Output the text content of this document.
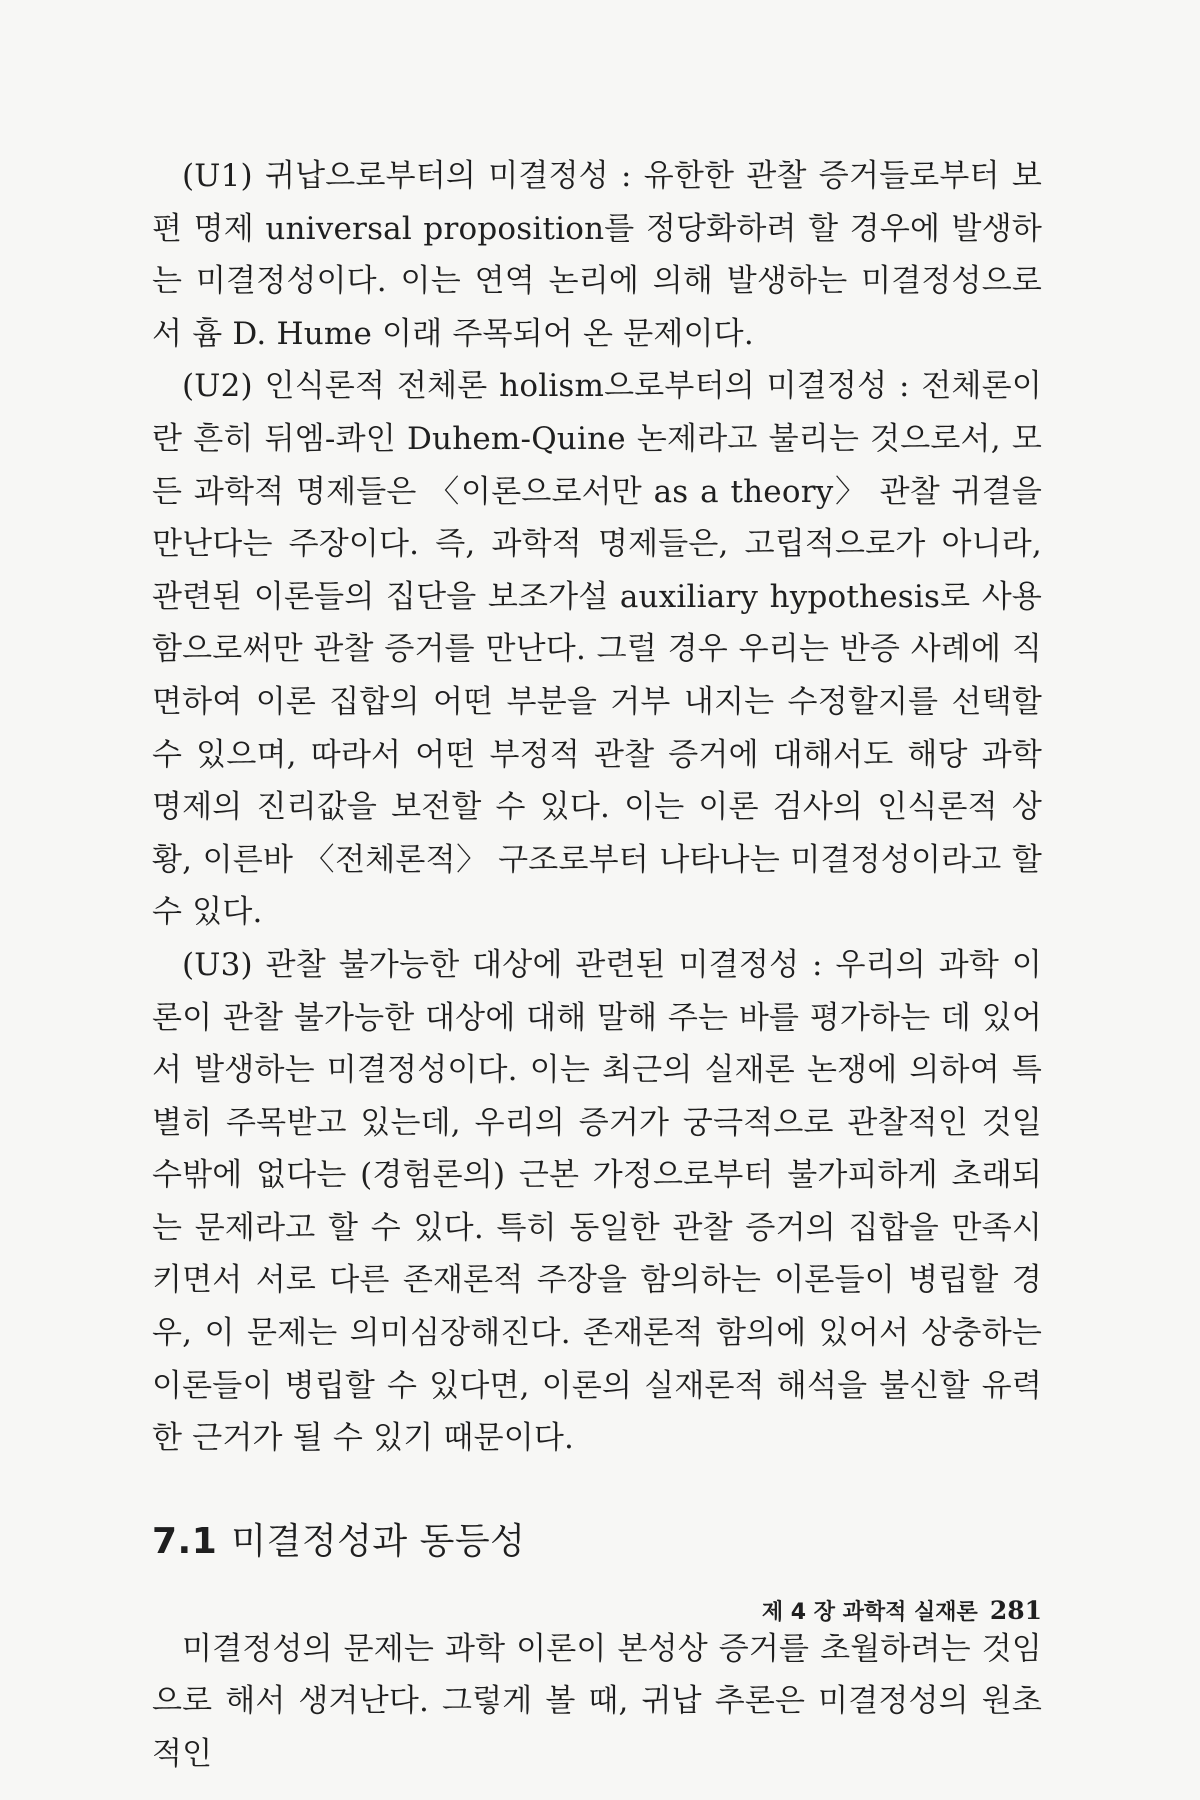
(U1) 귀납으로부터의 미결정성 : 유한한 관찰 증거들로부터 보편 명제 universal proposition를 정당화하려 할 경우에 발생하는 미결정성이다. 이는 연역 논리에 의해 발생하는 미결정성으로서 흄 D. Hume 이래 주목되어 온 문제이다.

(U2) 인식론적 전체론 holism으로부터의 미결정성 : 전체론이란 흔히 뒤엠-콰인 Duhem-Quine 논제라고 불리는 것으로서, 모든 과학적 명제들은 〈이론으로서만 as a theory〉 관찰 귀결을 만난다는 주장이다. 즉, 과학적 명제들은, 고립적으로가 아니라, 관련된 이론들의 집단을 보조가설 auxiliary hypothesis로 사용함으로써만 관찰 증거를 만난다. 그럴 경우 우리는 반증 사례에 직면하여 이론 집합의 어떤 부분을 거부 내지는 수정할지를 선택할 수 있으며, 따라서 어떤 부정적 관찰 증거에 대해서도 해당 과학 명제의 진리값을 보전할 수 있다. 이는 이론 검사의 인식론적 상황, 이른바 〈전체론적〉 구조로부터 나타나는 미결정성이라고 할 수 있다.

(U3) 관찰 불가능한 대상에 관련된 미결정성 : 우리의 과학 이론이 관찰 불가능한 대상에 대해 말해 주는 바를 평가하는 데 있어서 발생하는 미결정성이다. 이는 최근의 실재론 논쟁에 의하여 특별히 주목받고 있는데, 우리의 증거가 궁극적으로 관찰적인 것일 수밖에 없다는 (경험론의) 근본 가정으로부터 불가피하게 초래되는 문제라고 할 수 있다. 특히 동일한 관찰 증거의 집합을 만족시키면서 서로 다른 존재론적 주장을 함의하는 이론들이 병립할 경우, 이 문제는 의미심장해진다. 존재론적 함의에 있어서 상충하는 이론들이 병립할 수 있다면, 이론의 실재론적 해석을 불신할 유력한 근거가 될 수 있기 때문이다.

7.1 미결정성과 동등성

미결정성의 문제는 과학 이론이 본성상 증거를 초월하려는 것임으로 해서 생겨난다. 그렇게 볼 때, 귀납 추론은 미결정성의 원초적인

제 4 장 과학적 실재론 281
